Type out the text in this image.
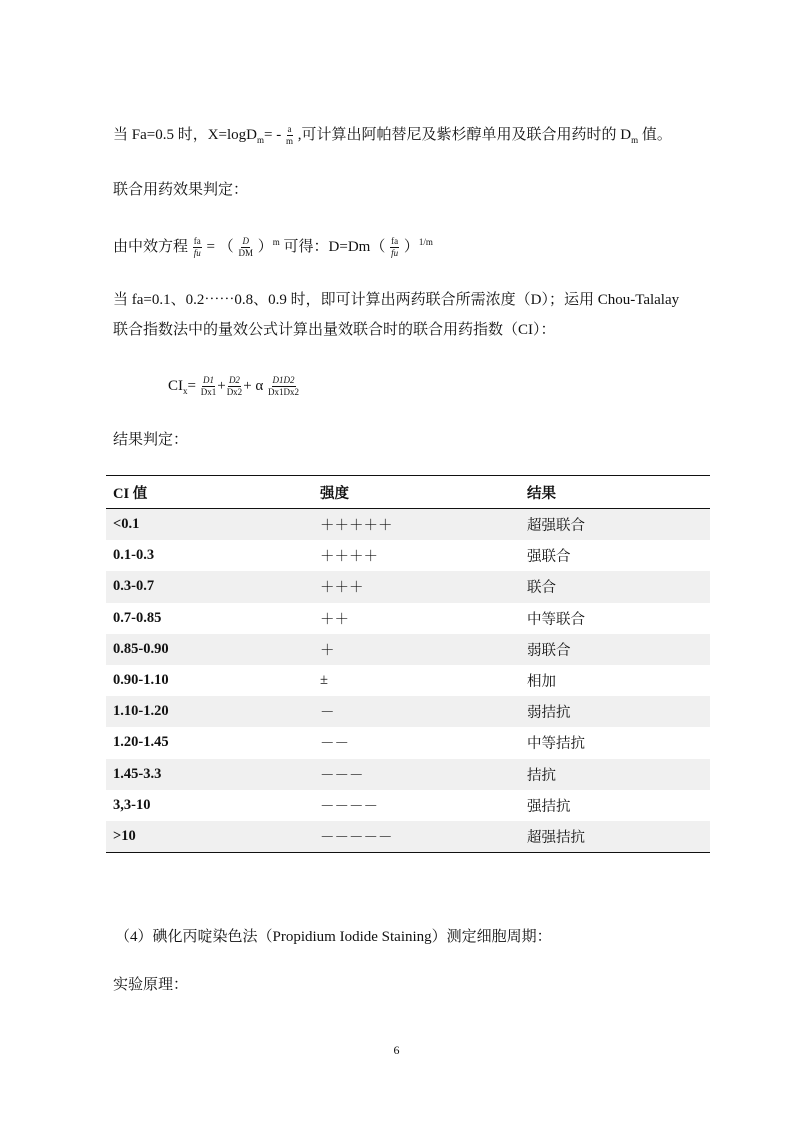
当 Fa=0.5 时，$X=\log D_m= - \frac{a}{m}$ ,可计算出阿帕替尼及紫杉醇单用及联合用药时的 $D_m$ 值。
联合用药效果判定：
由中效方程 $\frac{fa}{fu}$ = （ $\frac{D}{DM} )^m$ 可得：$D=Dm( \frac{fa}{fu} )^{1/m}$
当 fa=0.1、0.2⋯⋯0.8、0.9 时，即可计算出两药联合所需浓度（D）；运用 Chou-Talalay
联合指数法中的量效公式计算出量效联合时的联合用药指数（CI）：
$CI_x= \frac{D1}{Dx1} + \frac{D2}{Dx2} + \alpha \frac{D1D2}{Dx1Dx2}$
结果判定：
CI 值	强度	结果
<0.1	＋＋＋＋＋	超强联合
0.1-0.3	＋＋＋＋	强联合
0.3-0.7	＋＋＋	联合
0.7-0.85	＋＋	中等联合
0.85-0.90	＋	弱联合
0.90-1.10	±	相加
1.10-1.20	－	弱拮抗
1.20-1.45	－－	中等拮抗
1.45-3.3	－－－	拮抗
3,3-10	－－－－	强拮抗
>10	－－－－－	超强拮抗
（4）碘化丙啶染色法（Propidium Iodide Staining）测定细胞周期：
实验原理：
6
